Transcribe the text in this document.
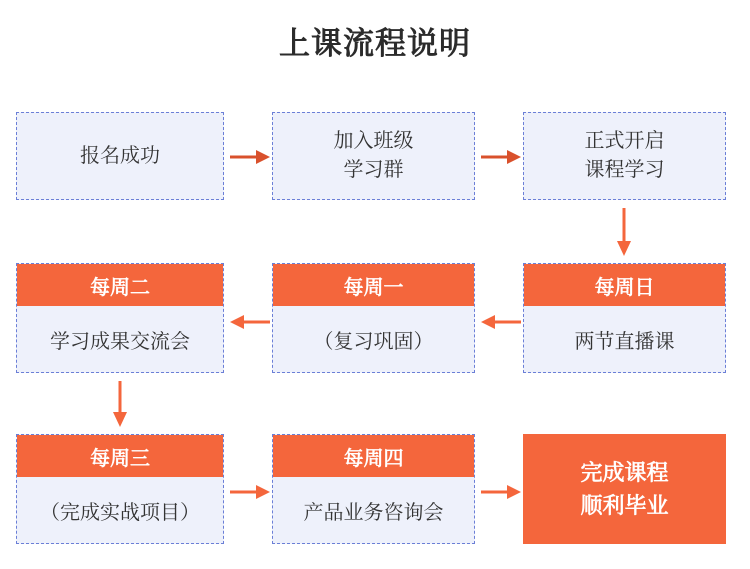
上课流程说明
报名成功
加入班级
学习群
正式开启
课程学习
每周二
学习成果交流会
每周一
（复习巩固）
每周日
两节直播课
每周三
（完成实战项目）
每周四
产品业务咨询会
完成课程
顺利毕业
